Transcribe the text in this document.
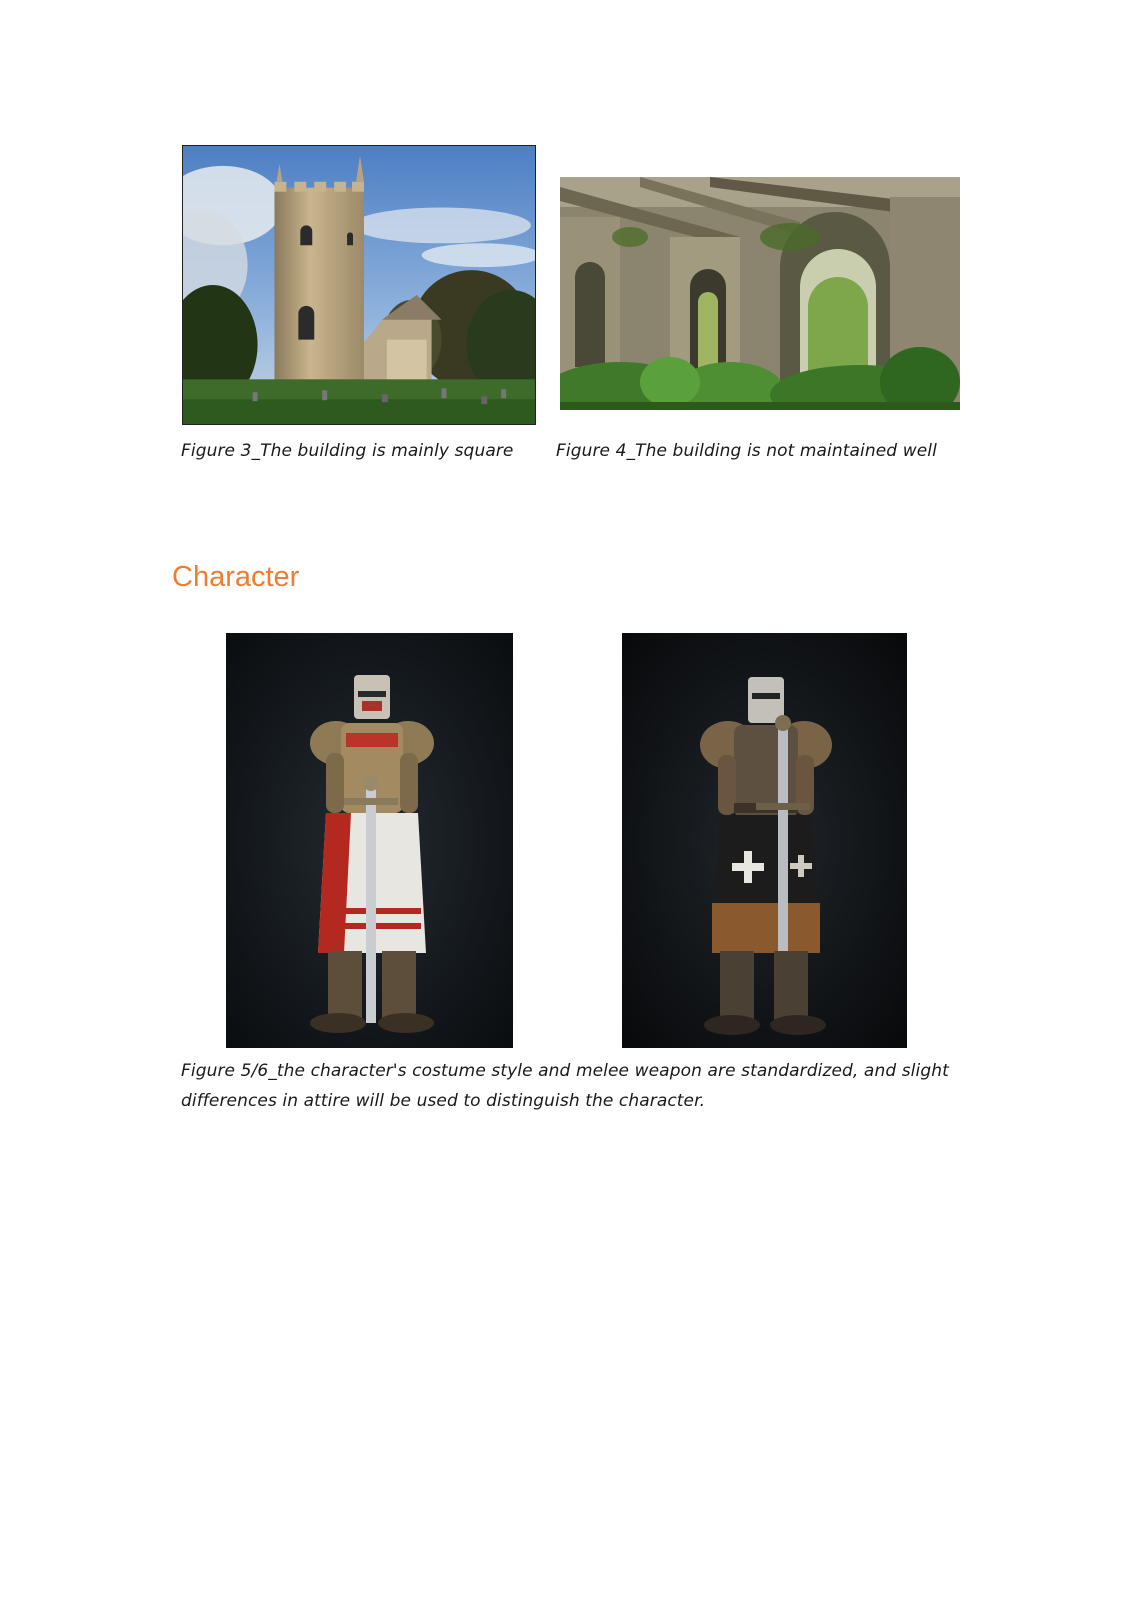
Figure 3_The building is mainly square	Figure 4_The building is not maintained well
Character
Figure 5/6_the character's costume style and melee weapon are standardized, and slight
differences in attire will be used to distinguish the character.
